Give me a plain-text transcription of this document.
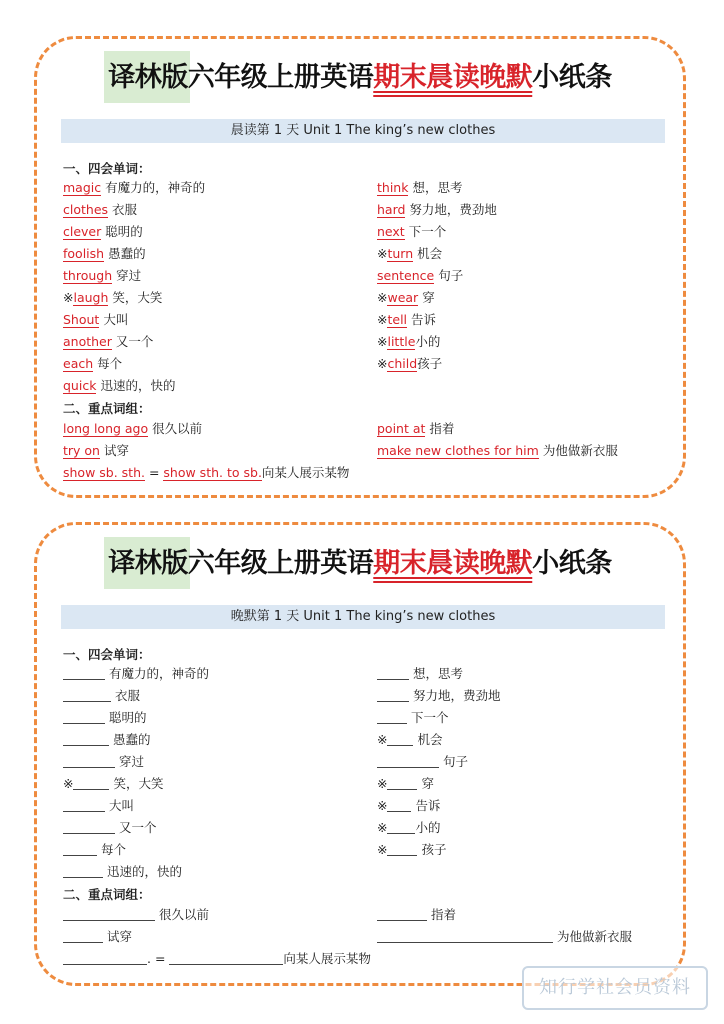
译林版六年级上册英语期末晨读晚默小纸条
晨读第 1 天 Unit 1 The king’s new clothes
一、四会单词：
magic 有魔力的，神奇的
clothes 衣服
clever 聪明的
foolish 愚蠢的
through 穿过
※laugh 笑，大笑
Shout 大叫
another 又一个
each 每个
quick 迅速的，快的
think 想，思考
hard 努力地，费劲地
next 下一个
※turn 机会
sentence 句子
※wear 穿
※tell 告诉
※little小的
※child孩子
二、重点词组：
long long ago 很久以前
try on 试穿
point at 指着
make new clothes for him 为他做新衣服
show sb. sth. = show sth. to sb.向某人展示某物
译林版六年级上册英语期末晨读晚默小纸条
晚默第 1 天 Unit 1 The king’s new clothes
一、四会单词：
有魔力的，神奇的
衣服
聪明的
愚蠢的
穿过
※	笑，大笑
大叫
又一个
每个
迅速的，快的
想，思考
努力地，费劲地
下一个
※ 机会
句子
※	穿
※ 告诉
※ 小的
※	孩子
二、重点词组：
很久以前
试穿
指着
为他做新衣服
. =	向某人展示某物
知行学社会员资料
